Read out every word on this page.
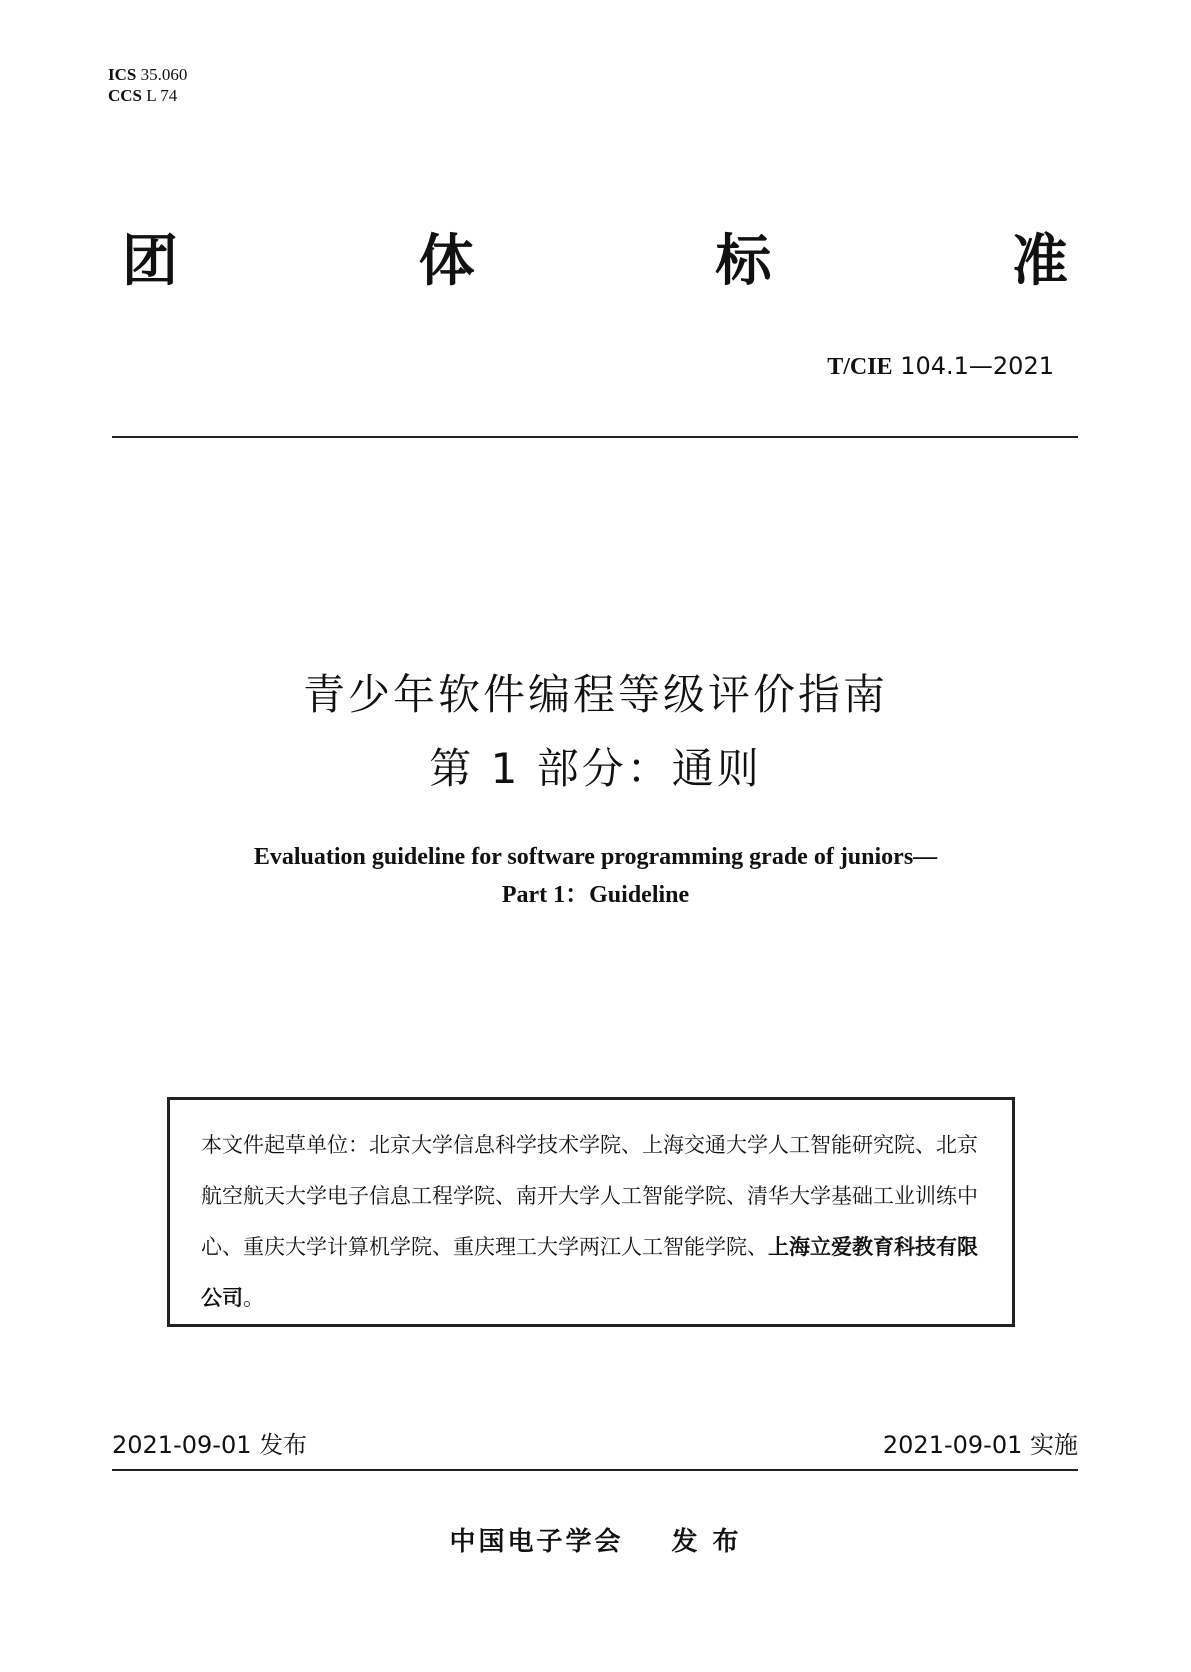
ICS 35.060
CCS L 74
团	体	标	准
T/CIE 104.1—2021
青少年软件编程等级评价指南
第 1 部分：通则
Evaluation guideline for software programming grade of juniors—
Part 1：Guideline
本文件起草单位：北京大学信息科学技术学院、上海交通大学人工智能研究院、北京航空航天大学电子信息工程学院、南开大学人工智能学院、清华大学基础工业训练中心、重庆大学计算机学院、重庆理工大学两江人工智能学院、上海立爱教育科技有限公司。
2021-09-01 发布	2021-09-01 实施
中国电子学会 发 布
